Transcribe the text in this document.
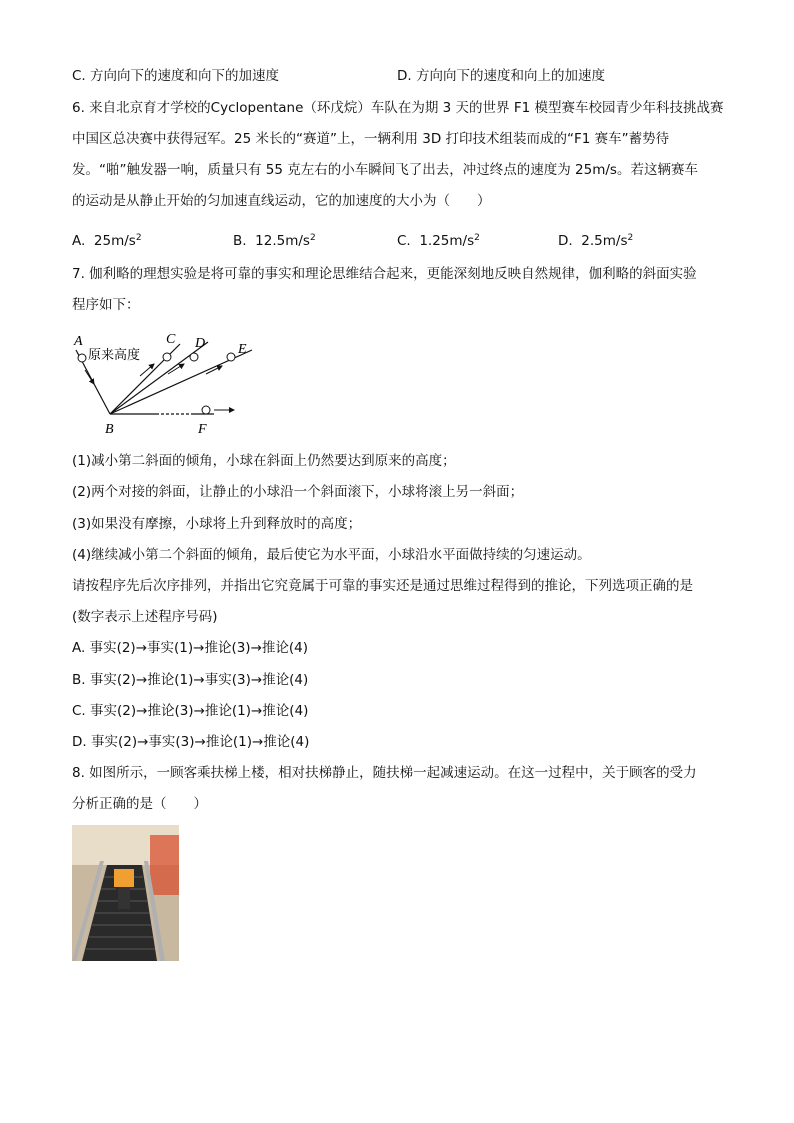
C. 方向向下的速度和向下的加速度	D. 方向向下的速度和向上的加速度
6. 来自北京育才学校的Cyclopentane（环戊烷）车队在为期 3 天的世界 F1 模型赛车校园青少年科技挑战赛
中国区总决赛中获得冠军。25 米长的“赛道”上，一辆利用 3D 打印技术组装而成的“F1 赛车”蓄势待
发。“啪”触发器一响，质量只有 55 克左右的小车瞬间飞了出去，冲过终点的速度为 25m/s。若这辆赛车
的运动是从静止开始的匀加速直线运动，它的加速度的大小为（　　）
A. $25m/s^2$	B. $12.5m/s^2$	C. $1.25m/s^2$	D. $2.5m/s^2$
7. 伽利略的理想实验是将可靠的事实和理论思维结合起来，更能深刻地反映自然规律，伽利略的斜面实验
程序如下：
A
原来高度
C D E
B	F
(1)减小第二斜面的倾角，小球在斜面上仍然要达到原来的高度；
(2)两个对接的斜面，让静止的小球沿一个斜面滚下，小球将滚上另一斜面；
(3)如果没有摩擦，小球将上升到释放时的高度；
(4)继续减小第二个斜面的倾角，最后使它为水平面，小球沿水平面做持续的匀速运动。
请按程序先后次序排列，并指出它究竟属于可靠的事实还是通过思维过程得到的推论，下列选项正确的是
(数字表示上述程序号码)
A. 事实(2)→事实(1)→推论(3)→推论(4)
B. 事实(2)→推论(1)→事实(3)→推论(4)
C. 事实(2)→推论(3)→推论(1)→推论(4)
D. 事实(2)→事实(3)→推论(1)→推论(4)
8. 如图所示，一顾客乘扶梯上楼，相对扶梯静止，随扶梯一起减速运动。在这一过程中，关于顾客的受力
分析正确的是（　　）
